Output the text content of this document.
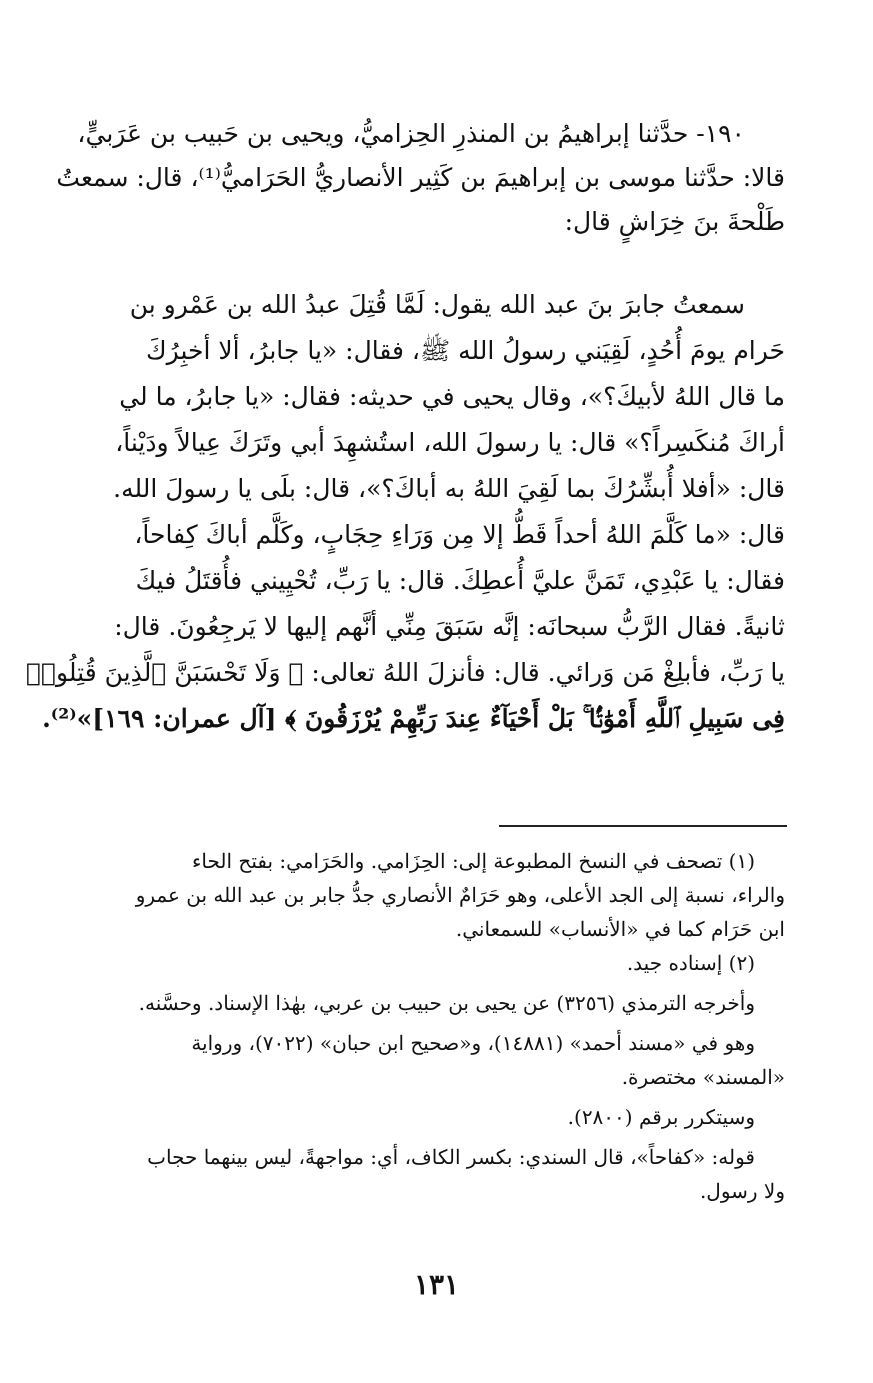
١٩٠- حدَّثنا إبراهيمُ بن المنذرِ الحِزاميُّ، ويحيى بن حَبيب بن عَرَبيٍّ،
قالا: حدَّثنا موسى بن إبراهيمَ بن كَثِير الأنصاريُّ الحَرَاميُّ⁽¹⁾، قال: سمعتُ
طَلْحةَ بنَ خِرَاشٍ قال:
سمعتُ جابرَ بنَ عبد الله يقول: لَمَّا قُتِلَ عبدُ الله بن عَمْرو بن
حَرام يومَ أُحُدٍ، لَقِيَني رسولُ الله ﷺ، فقال: «يا جابرُ، ألا أخبِرُكَ
ما قال اللهُ لأبيكَ؟»، وقال يحيى في حديثه: فقال: «يا جابرُ، ما لي
أراكَ مُنكَسِراً؟» قال: يا رسولَ الله، استُشهِدَ أبي وتَرَكَ عِيالاً ودَيْناً،
قال: «أفلا أُبشِّرُكَ بما لَقِيَ اللهُ به أباكَ؟»، قال: بلَى يا رسولَ الله.
قال: «ما كَلَّمَ اللهُ أحداً قَطُّ إلا مِن وَرَاءِ حِجَابٍ، وكَلَّم أباكَ كِفاحاً،
فقال: يا عَبْدِي، تَمَنَّ عليَّ أُعطِكَ. قال: يا رَبِّ، تُحْيِيني فأُقتَلُ فيكَ
ثانيةً. فقال الرَّبُّ سبحانَه: إنَّه سَبَقَ مِنِّي أنَّهم إليها لا يَرجِعُونَ. قال:
يا رَبِّ، فأبلِغْ مَن وَرائي. قال: فأنزلَ اللهُ تعالى: ﴿ وَلَا تَحْسَبَنَّ ٱلَّذِينَ قُتِلُوا۟
فِى سَبِيلِ ٱللَّهِ أَمْوَٰتًۢا ۚ بَلْ أَحْيَآءٌ عِندَ رَبِّهِمْ يُرْزَقُونَ ﴾ [آل عمران: ١٦٩]»⁽²⁾.
(١) تصحف في النسخ المطبوعة إلى: الحِزَامي. والحَرَامي: بفتح الحاء
والراء، نسبة إلى الجد الأعلى، وهو حَرَامٌ الأنصاري جدُّ جابر بن عبد الله بن عمرو
ابن حَرَام كما في «الأنساب» للسمعاني.
(٢) إسناده جيد.
وأخرجه الترمذي (٣٢٥٦) عن يحيى بن حبيب بن عربي، بهٰذا الإسناد. وحسَّنه.
وهو في «مسند أحمد» (١٤٨٨١)، و«صحيح ابن حبان» (٧٠٢٢)، ورواية
«المسند» مختصرة.
وسيتكرر برقم (٢٨٠٠).
قوله: «كفاحاً»، قال السندي: بكسر الكاف، أي: مواجهةً، ليس بينهما حجاب
ولا رسول.
١٣١
